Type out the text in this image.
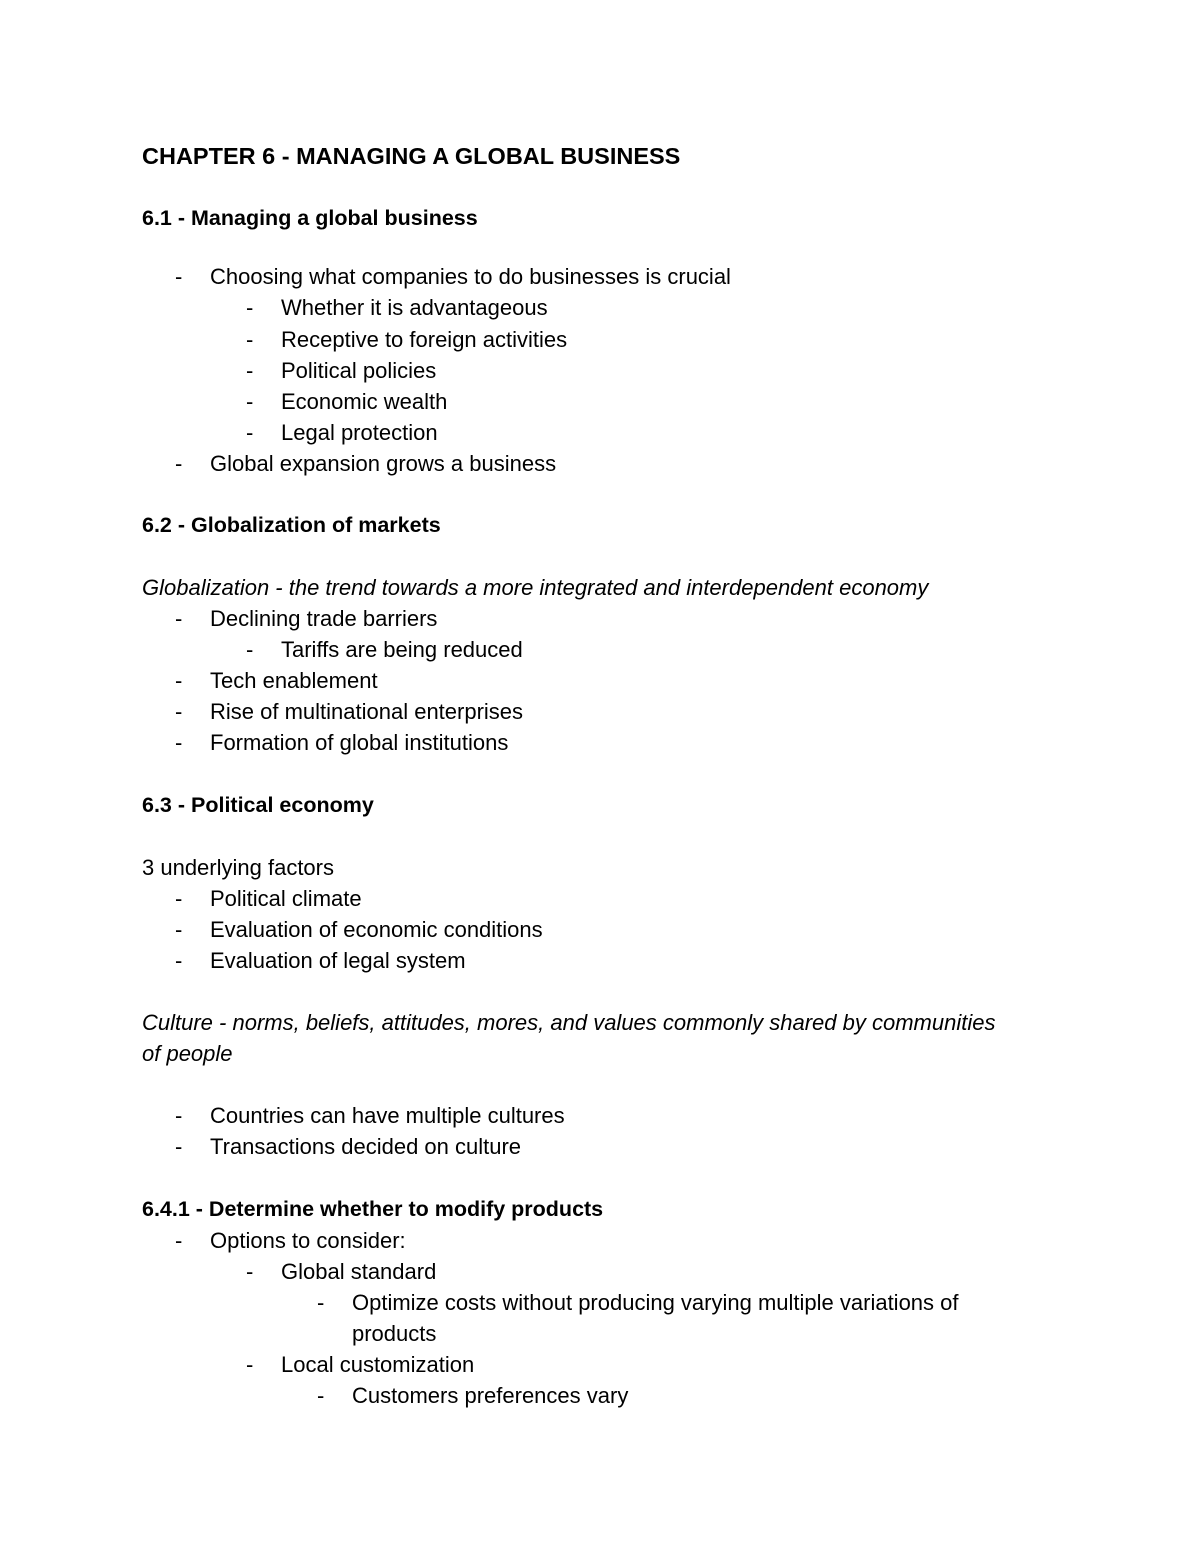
CHAPTER 6 - MANAGING A GLOBAL BUSINESS
6.1 - Managing a global business
- Choosing what companies to do businesses is crucial
- Whether it is advantageous
- Receptive to foreign activities
- Political policies
- Economic wealth
- Legal protection
- Global expansion grows a business
6.2 - Globalization of markets
Globalization - the trend towards a more integrated and interdependent economy
- Declining trade barriers
- Tariffs are being reduced
- Tech enablement
- Rise of multinational enterprises
- Formation of global institutions
6.3 - Political economy
3 underlying factors
- Political climate
- Evaluation of economic conditions
- Evaluation of legal system
Culture - norms, beliefs, attitudes, mores, and values commonly shared by communities
of people
- Countries can have multiple cultures
- Transactions decided on culture
6.4.1 - Determine whether to modify products
- Options to consider:
- Global standard
- Optimize costs without producing varying multiple variations of
products
- Local customization
- Customers preferences vary
